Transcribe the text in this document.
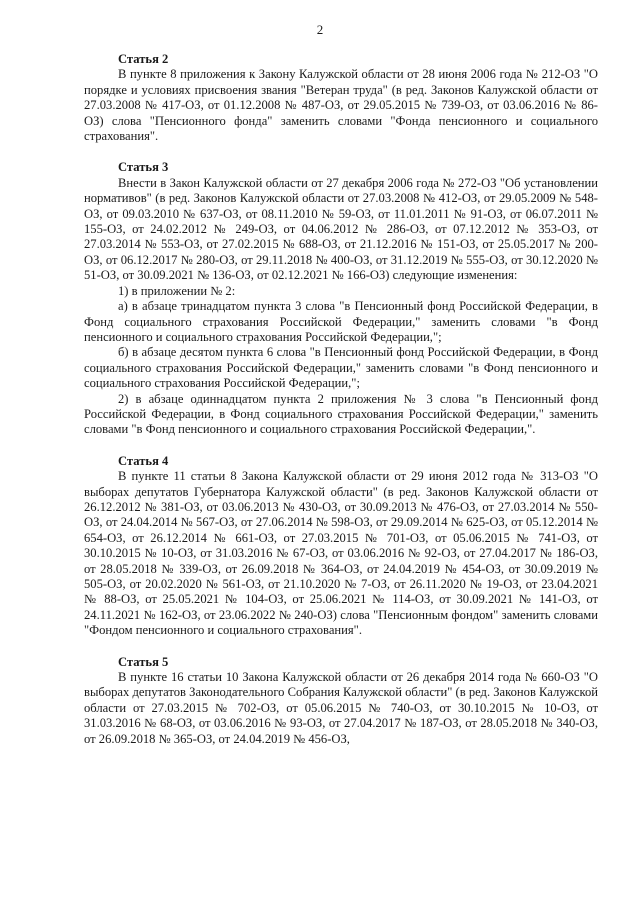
2

Статья 2

В пункте 8 приложения к Закону Калужской области от 28 июня 2006 года № 212-ОЗ "О порядке и условиях присвоения звания "Ветеран труда" (в ред. Законов Калужской области от 27.03.2008 № 417-ОЗ, от 01.12.2008 № 487-ОЗ, от 29.05.2015 № 739-ОЗ, от 03.06.2016 № 86-ОЗ) слова "Пенсионного фонда" заменить словами "Фонда пенсионного и социального страхования".

Статья 3

Внести в Закон Калужской области от 27 декабря 2006 года № 272-ОЗ "Об установлении нормативов" (в ред. Законов Калужской области от 27.03.2008 № 412-ОЗ, от 29.05.2009 № 548-ОЗ, от 09.03.2010 № 637-ОЗ, от 08.11.2010 № 59-ОЗ, от 11.01.2011 № 91-ОЗ, от 06.07.2011 № 155-ОЗ, от 24.02.2012 № 249-ОЗ, от 04.06.2012 № 286-ОЗ, от 07.12.2012 № 353-ОЗ, от 27.03.2014 № 553-ОЗ, от 27.02.2015 № 688-ОЗ, от 21.12.2016 № 151-ОЗ, от 25.05.2017 № 200-ОЗ, от 06.12.2017 № 280-ОЗ, от 29.11.2018 № 400-ОЗ, от 31.12.2019 № 555-ОЗ, от 30.12.2020 № 51-ОЗ, от 30.09.2021 № 136-ОЗ, от 02.12.2021 № 166-ОЗ) следующие изменения:

1) в приложении № 2:

а) в абзаце тринадцатом пункта 3 слова "в Пенсионный фонд Российской Федерации, в Фонд социального страхования Российской Федерации," заменить словами "в Фонд пенсионного и социального страхования Российской Федерации,";

б) в абзаце десятом пункта 6 слова "в Пенсионный фонд Российской Федерации, в Фонд социального страхования Российской Федерации," заменить словами "в Фонд пенсионного и социального страхования Российской Федерации,";

2) в абзаце одиннадцатом пункта 2 приложения № 3 слова "в Пенсионный фонд Российской Федерации, в Фонд социального страхования Российской Федерации," заменить словами "в Фонд пенсионного и социального страхования Российской Федерации,".

Статья 4

В пункте 11 статьи 8 Закона Калужской области от 29 июня 2012 года № 313-ОЗ "О выборах депутатов Губернатора Калужской области" (в ред. Законов Калужской области от 26.12.2012 № 381-ОЗ, от 03.06.2013 № 430-ОЗ, от 30.09.2013 № 476-ОЗ, от 27.03.2014 № 550-ОЗ, от 24.04.2014 № 567-ОЗ, от 27.06.2014 № 598-ОЗ, от 29.09.2014 № 625-ОЗ, от 05.12.2014 № 654-ОЗ, от 26.12.2014 № 661-ОЗ, от 27.03.2015 № 701-ОЗ, от 05.06.2015 № 741-ОЗ, от 30.10.2015 № 10-ОЗ, от 31.03.2016 № 67-ОЗ, от 03.06.2016 № 92-ОЗ, от 27.04.2017 № 186-ОЗ, от 28.05.2018 № 339-ОЗ, от 26.09.2018 № 364-ОЗ, от 24.04.2019 № 454-ОЗ, от 30.09.2019 № 505-ОЗ, от 20.02.2020 № 561-ОЗ, от 21.10.2020 № 7-ОЗ, от 26.11.2020 № 19-ОЗ, от 23.04.2021 № 88-ОЗ, от 25.05.2021 № 104-ОЗ, от 25.06.2021 № 114-ОЗ, от 30.09.2021 № 141-ОЗ, от 24.11.2021 № 162-ОЗ, от 23.06.2022 № 240-ОЗ) слова "Пенсионным фондом" заменить словами "Фондом пенсионного и социального страхования".

Статья 5

В пункте 16 статьи 10 Закона Калужской области от 26 декабря 2014 года № 660-ОЗ "О выборах депутатов Законодательного Собрания Калужской области" (в ред. Законов Калужской области от 27.03.2015 № 702-ОЗ, от 05.06.2015 № 740-ОЗ, от 30.10.2015 № 10-ОЗ, от 31.03.2016 № 68-ОЗ, от 03.06.2016 № 93-ОЗ, от 27.04.2017 № 187-ОЗ, от 28.05.2018 № 340-ОЗ, от 26.09.2018 № 365-ОЗ, от 24.04.2019 № 456-ОЗ,
